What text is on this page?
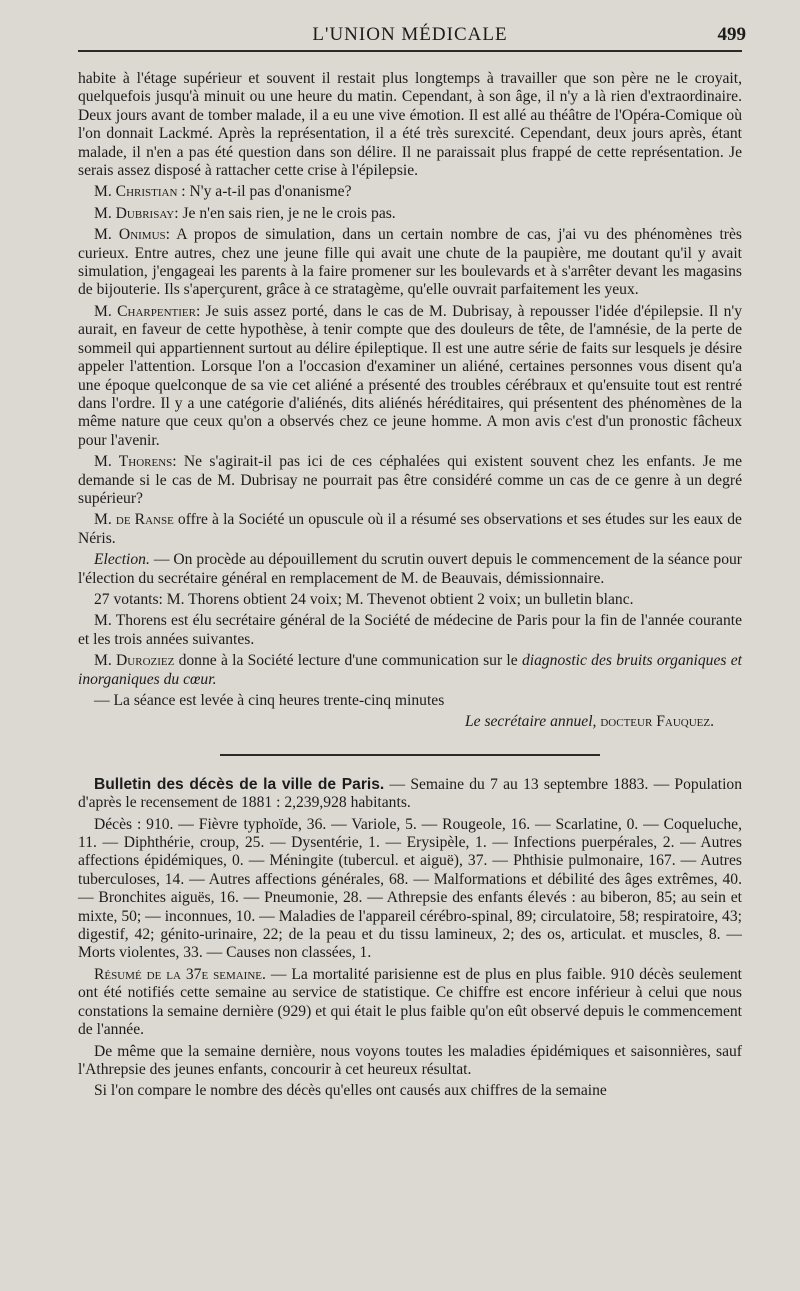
L'UNION MÉDICALE	499

habite à l'étage supérieur et souvent il restait plus longtemps à travailler que son père ne le croyait, quelquefois jusqu'à minuit ou une heure du matin. Cependant, à son âge, il n'y a là rien d'extraordinaire. Deux jours avant de tomber malade, il a eu une vive émotion. Il est allé au théâtre de l'Opéra-Comique où l'on donnait Lackmé. Après la représentation, il a été très surexcité. Cependant, deux jours après, étant malade, il n'en a pas été question dans son délire. Il ne paraissait plus frappé de cette représentation. Je serais assez disposé à rattacher cette crise à l'épilepsie.

M. Christian : N'y a-t-il pas d'onanisme?

M. Dubrisay: Je n'en sais rien, je ne le crois pas.

M. Onimus: A propos de simulation, dans un certain nombre de cas, j'ai vu des phénomènes très curieux. Entre autres, chez une jeune fille qui avait une chute de la paupière, me doutant qu'il y avait simulation, j'engageai les parents à la faire promener sur les boulevards et à s'arrêter devant les magasins de bijouterie. Ils s'aperçurent, grâce à ce stratagème, qu'elle ouvrait parfaitement les yeux.

M. Charpentier: Je suis assez porté, dans le cas de M. Dubrisay, à repousser l'idée d'épilepsie. Il n'y aurait, en faveur de cette hypothèse, à tenir compte que des douleurs de tête, de l'amnésie, de la perte de sommeil qui appartiennent surtout au délire épileptique. Il est une autre série de faits sur lesquels je désire appeler l'attention. Lorsque l'on a l'occasion d'examiner un aliéné, certaines personnes vous disent qu'a une époque quelconque de sa vie cet aliéné a présenté des troubles cérébraux et qu'ensuite tout est rentré dans l'ordre. Il y a une catégorie d'aliénés, dits aliénés héréditaires, qui présentent des phénomènes de la même nature que ceux qu'on a observés chez ce jeune homme. A mon avis c'est d'un pronostic fâcheux pour l'avenir.

M. Thorens: Ne s'agirait-il pas ici de ces céphalées qui existent souvent chez les enfants. Je me demande si le cas de M. Dubrisay ne pourrait pas être considéré comme un cas de ce genre à un degré supérieur?

M. de Ranse offre à la Société un opuscule où il a résumé ses observations et ses études sur les eaux de Néris.

Election. — On procède au dépouillement du scrutin ouvert depuis le commencement de la séance pour l'élection du secrétaire général en remplacement de M. de Beauvais, démissionnaire.

27 votants: M. Thorens obtient 24 voix; M. Thevenot obtient 2 voix; un bulletin blanc.

M. Thorens est élu secrétaire général de la Société de médecine de Paris pour la fin de l'année courante et les trois années suivantes.

M. Duroziez donne à la Société lecture d'une communication sur le diagnostic des bruits organiques et inorganiques du cœur.

— La séance est levée à cinq heures trente-cinq minutes

Le secrétaire annuel, docteur Fauquez.

Bulletin des décès de la ville de Paris. — Semaine du 7 au 13 septembre 1883. — Population d'après le recensement de 1881 : 2,239,928 habitants.

Décès : 910. — Fièvre typhoïde, 36. — Variole, 5. — Rougeole, 16. — Scarlatine, 0. — Coqueluche, 11. — Diphthérie, croup, 25. — Dysentérie, 1. — Erysipèle, 1. — Infections puerpérales, 2. — Autres affections épidémiques, 0. — Méningite (tubercul. et aiguë), 37. — Phthisie pulmonaire, 167. — Autres tuberculoses, 14. — Autres affections générales, 68. — Malformations et débilité des âges extrêmes, 40. — Bronchites aiguës, 16. — Pneumonie, 28. — Athrepsie des enfants élevés : au biberon, 85; au sein et mixte, 50; — inconnues, 10. — Maladies de l'appareil cérébro-spinal, 89; circulatoire, 58; respiratoire, 43; digestif, 42; génito-urinaire, 22; de la peau et du tissu lamineux, 2; des os, articulat. et muscles, 8. — Morts violentes, 33. — Causes non classées, 1.

Résumé de la 37e semaine. — La mortalité parisienne est de plus en plus faible. 910 décès seulement ont été notifiés cette semaine au service de statistique. Ce chiffre est encore inférieur à celui que nous constations la semaine dernière (929) et qui était le plus faible qu'on eût observé depuis le commencement de l'année.

De même que la semaine dernière, nous voyons toutes les maladies épidémiques et saisonnières, sauf l'Athrepsie des jeunes enfants, concourir à cet heureux résultat.

Si l'on compare le nombre des décès qu'elles ont causés aux chiffres de la semaine
